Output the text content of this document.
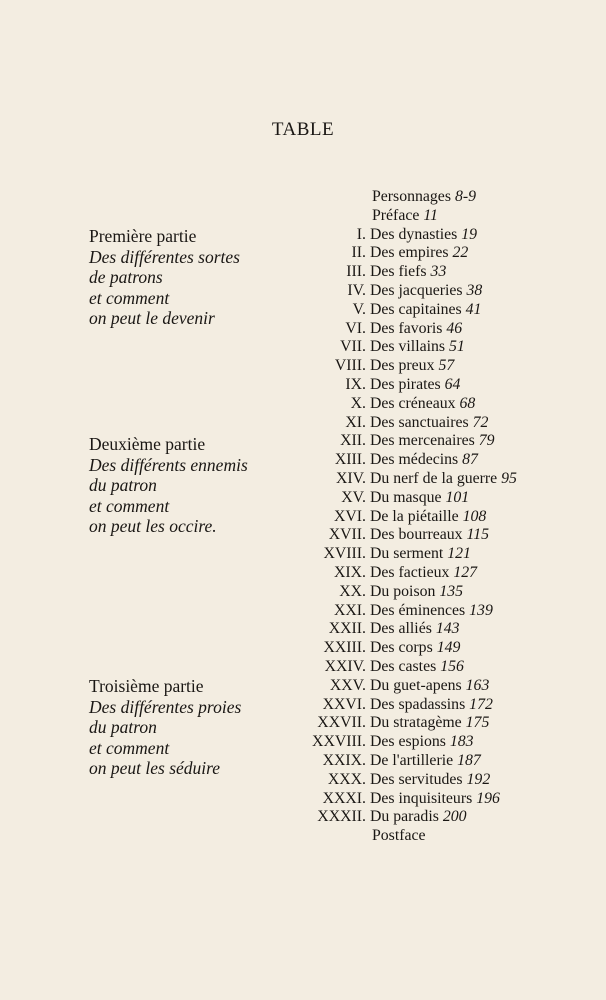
TABLE
Première partie
Des différentes sortes
de patrons
et comment
on peut le devenir
Deuxième partie
Des différents ennemis
du patron
et comment
on peut les occire.
Troisième partie
Des différentes proies
du patron
et comment
on peut les séduire
Personnages 8-9
Préface 11
I. Des dynasties 19
II. Des empires 22
III. Des fiefs 33
IV. Des jacqueries 38
V. Des capitaines 41
VI. Des favoris 46
VII. Des villains 51
VIII. Des preux 57
IX. Des pirates 64
X. Des créneaux 68
XI. Des sanctuaires 72
XII. Des mercenaires 79
XIII. Des médecins 87
XIV. Du nerf de la guerre 95
XV. Du masque 101
XVI. De la piétaille 108
XVII. Des bourreaux 115
XVIII. Du serment 121
XIX. Des factieux 127
XX. Du poison 135
XXI. Des éminences 139
XXII. Des alliés 143
XXIII. Des corps 149
XXIV. Des castes 156
XXV. Du guet-apens 163
XXVI. Des spadassins 172
XXVII. Du stratagème 175
XXVIII. Des espions 183
XXIX. De l'artillerie 187
XXX. Des servitudes 192
XXXI. Des inquisiteurs 196
XXXII. Du paradis 200
Postface
